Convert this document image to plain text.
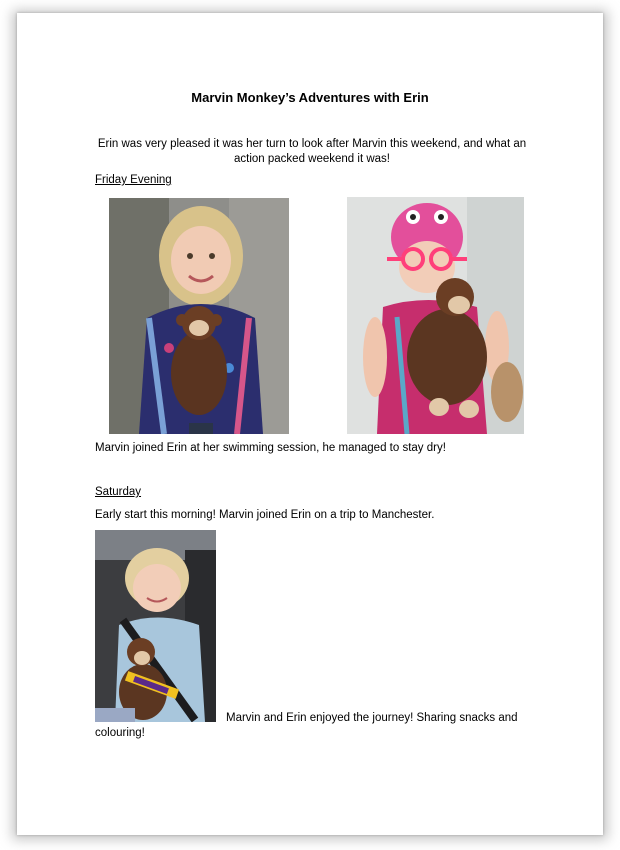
Marvin Monkey’s Adventures with Erin
Erin was very pleased it was her turn to look after Marvin this weekend, and what an action packed weekend it was!
Friday Evening
Marvin joined Erin at her swimming session, he managed to stay dry!
Saturday
Early start this morning! Marvin joined Erin on a trip to Manchester.
Marvin and Erin enjoyed the journey! Sharing snacks and
colouring!
